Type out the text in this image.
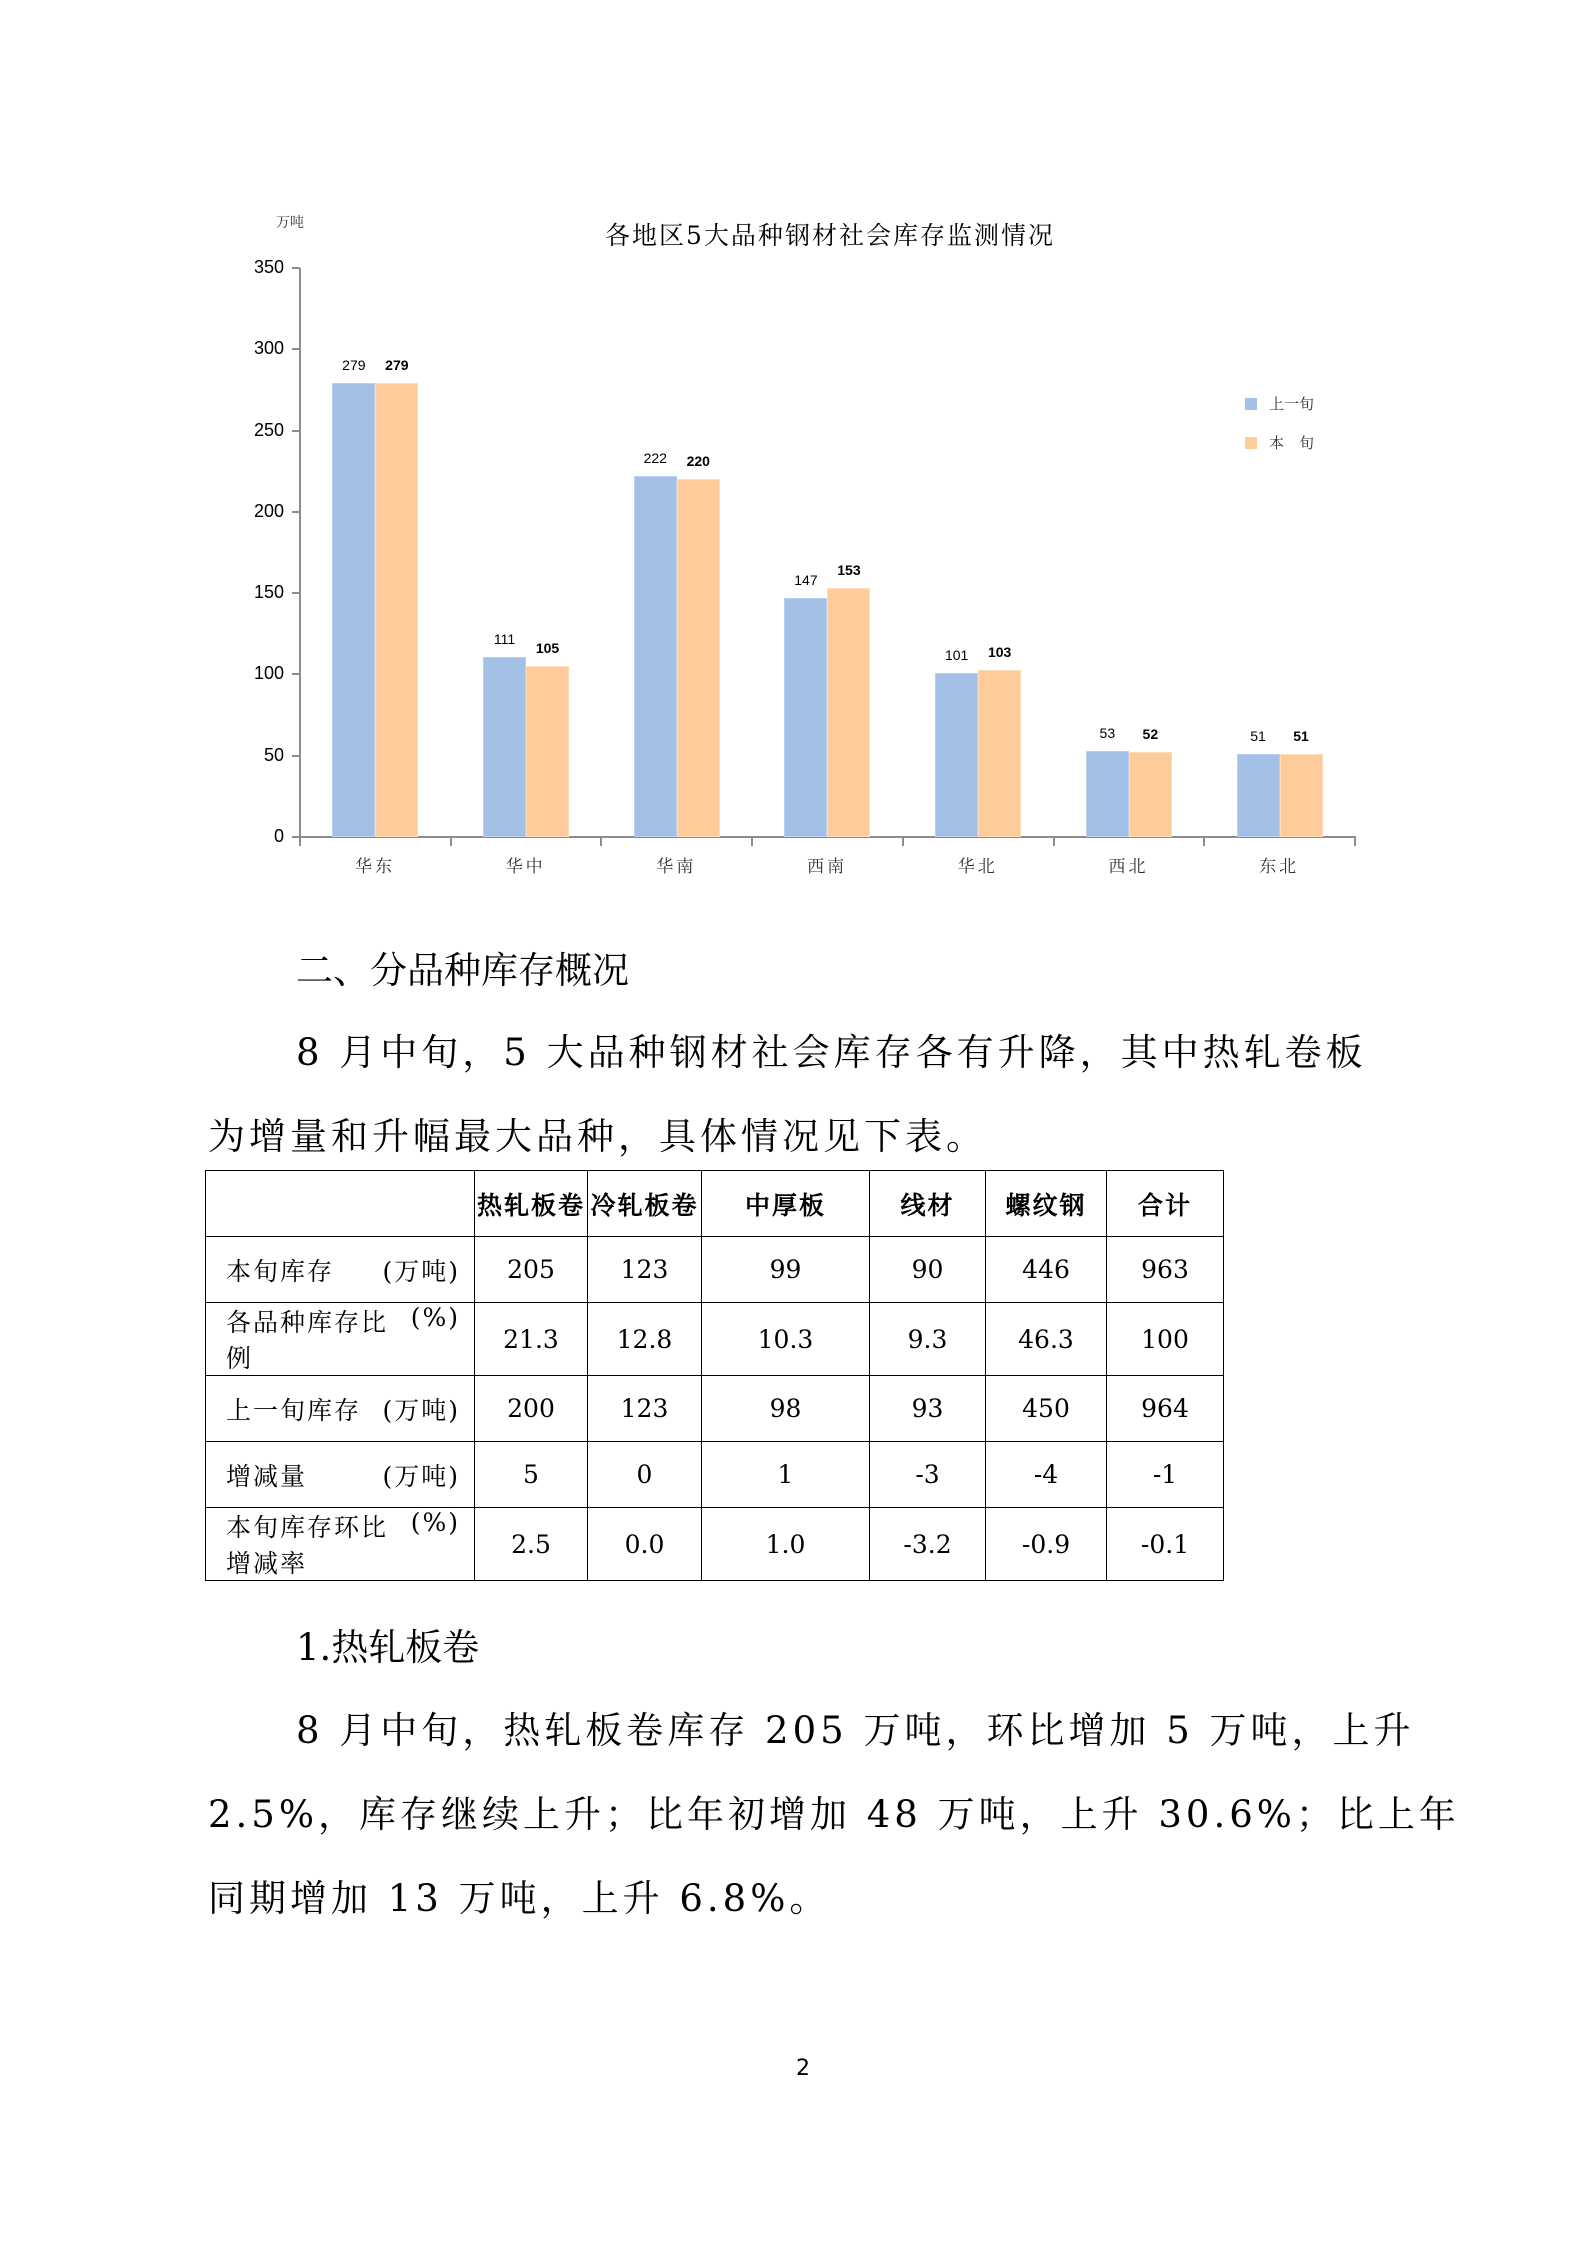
万吨	各地区5大品种钢材社会库存监测情况
0
50
100
150
200
250
300
350
华东	华中	华南	西南	华北	西北	东北
279	279
111
105
222	220
147
153
101	103
53	52	51	51
上一旬
本　旬
二、分品种库存概况
8 月中旬，5 大品种钢材社会库存各有升降，其中热轧卷板
为增量和升幅最大品种，具体情况见下表。
	热轧板卷	冷轧板卷	中厚板	线材	螺纹钢	合计

本旬库存 (万吨)	205	123	99	90	446	963

各品种库存比例
(%)	21.3	12.8	10.3	9.3	46.3	100

上一旬库存 (万吨)	200	123	98	93	450	964

增减量 (万吨)	5	0	1	-3	-4	-1

本旬库存环比增减率
(%)	2.5	0.0	1.0	-3.2	-0.9	-0.1
1.热轧板卷
8 月中旬，热轧板卷库存 205 万吨，环比增加 5 万吨，上升
2.5%，库存继续上升；比年初增加 48 万吨，上升 30.6%；比上年
同期增加 13 万吨，上升 6.8%。
2
